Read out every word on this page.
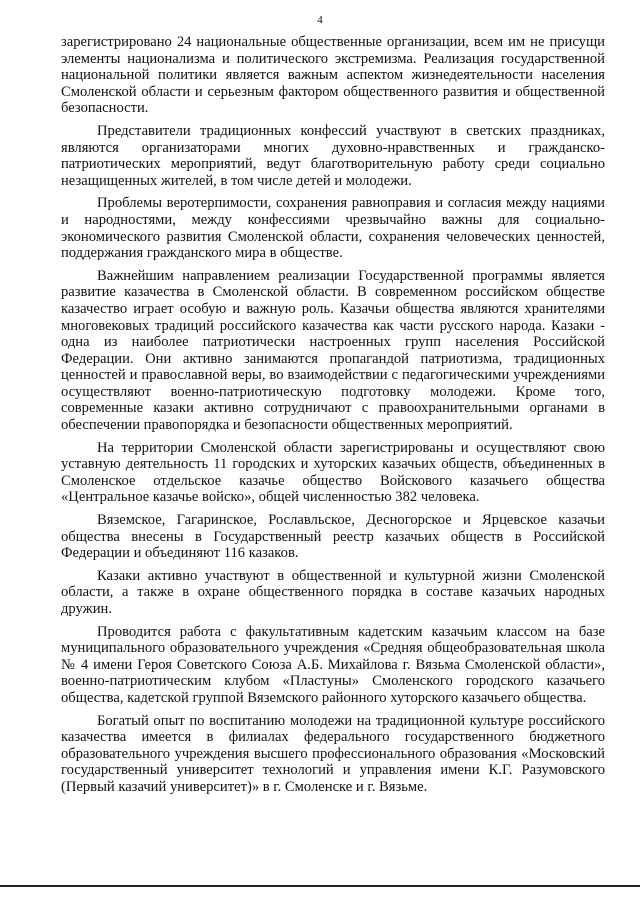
4

зарегистрировано 24 национальные общественные организации, всем им не присущи элементы национализма и политического экстремизма. Реализация государственной национальной политики является важным аспектом жизнедеятельности населения Смоленской области и серьезным фактором общественного развития и общественной безопасности.

Представители традиционных конфессий участвуют в светских праздниках, являются организаторами многих духовно-нравственных и гражданско-патриотических мероприятий, ведут благотворительную работу среди социально незащищенных жителей, в том числе детей и молодежи.

Проблемы веротерпимости, сохранения равноправия и согласия между нациями и народностями, между конфессиями чрезвычайно важны для социально-экономического развития Смоленской области, сохранения человеческих ценностей, поддержания гражданского мира в обществе.

Важнейшим направлением реализации Государственной программы является развитие казачества в Смоленской области. В современном российском обществе казачество играет особую и важную роль. Казачьи общества являются хранителями многовековых традиций российского казачества как части русского народа. Казаки - одна из наиболее патриотически настроенных групп населения Российской Федерации. Они активно занимаются пропагандой патриотизма, традиционных ценностей и православной веры, во взаимодействии с педагогическими учреждениями осуществляют военно-патриотическую подготовку молодежи. Кроме того, современные казаки активно сотрудничают с правоохранительными органами в обеспечении правопорядка и безопасности общественных мероприятий.

На территории Смоленской области зарегистрированы и осуществляют свою уставную деятельность 11 городских и хуторских казачьих обществ, объединенных в Смоленское отдельское казачье общество Войскового казачьего общества «Центральное казачье войско», общей численностью 382 человека.

Вяземское, Гагаринское, Рославльское, Десногорское и Ярцевское казачьи общества внесены в Государственный реестр казачьих обществ в Российской Федерации и объединяют 116 казаков.

Казаки активно участвуют в общественной и культурной жизни Смоленской области, а также в охране общественного порядка в составе казачьих народных дружин.

Проводится работа с факультативным кадетским казачьим классом на базе муниципального образовательного учреждения «Средняя общеобразовательная школа № 4 имени Героя Советского Союза А.Б. Михайлова г. Вязьма Смоленской области», военно-патриотическим клубом «Пластуны» Смоленского городского казачьего общества, кадетской группой Вяземского районного хуторского казачьего общества.

Богатый опыт по воспитанию молодежи на традиционной культуре российского казачества имеется в филиалах федерального государственного бюджетного образовательного учреждения высшего профессионального образования «Московский государственный университет технологий и управления имени К.Г. Разумовского (Первый казачий университет)» в г. Смоленске и г. Вязьме.
